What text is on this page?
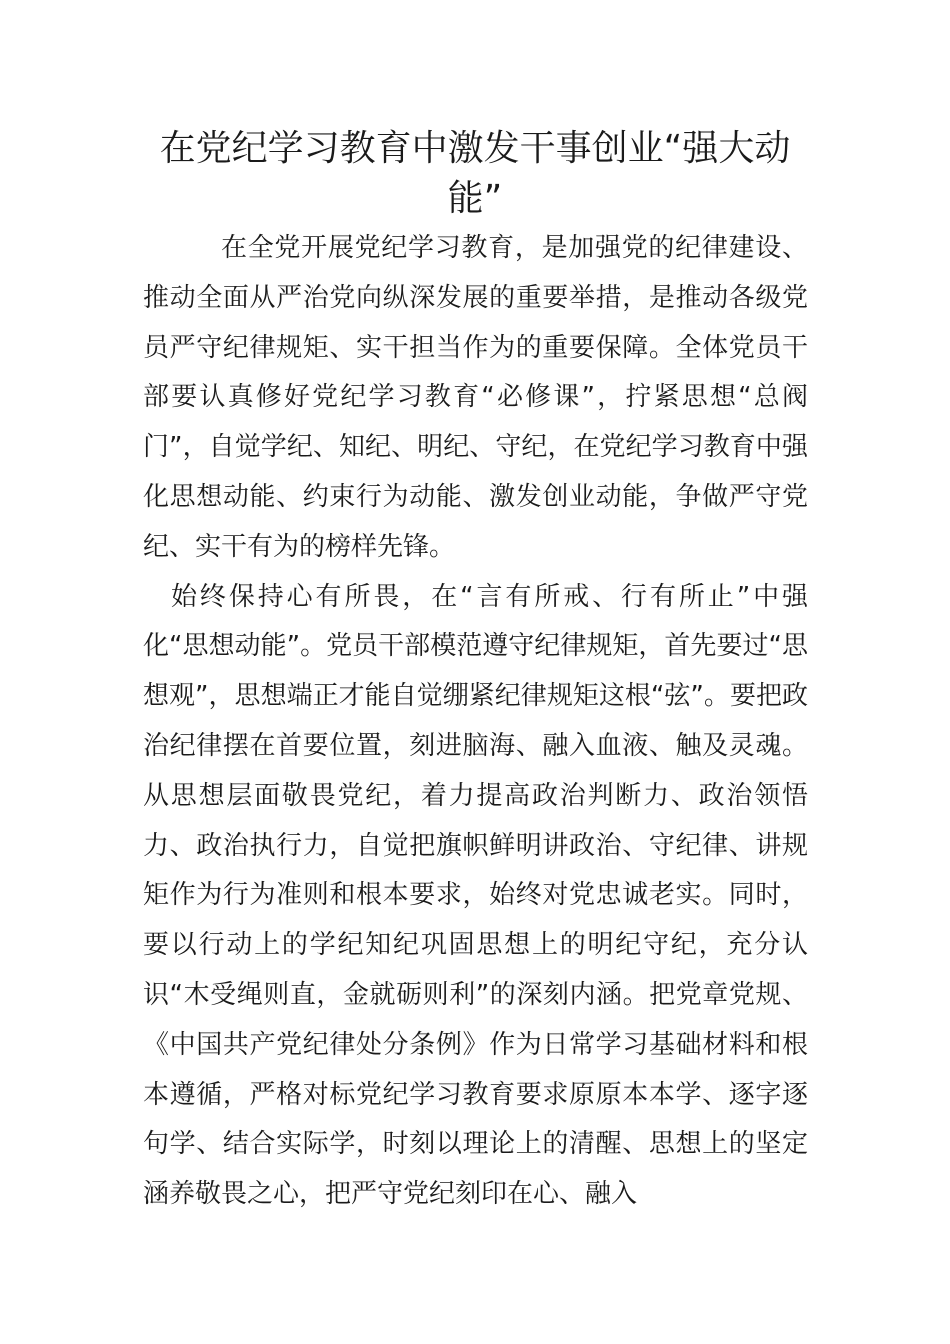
在党纪学习教育中激发干事创业“强大动能”

在全党开展党纪学习教育，是加强党的纪律建设、推动全面从严治党向纵深发展的重要举措，是推动各级党员严守纪律规矩、实干担当作为的重要保障。全体党员干部要认真修好党纪学习教育“必修课”，拧紧思想“总阀门”，自觉学纪、知纪、明纪、守纪，在党纪学习教育中强化思想动能、约束行为动能、激发创业动能，争做严守党纪、实干有为的榜样先锋。

始终保持心有所畏，在“言有所戒、行有所止”中强化“思想动能”。党员干部模范遵守纪律规矩，首先要过“思想观”，思想端正才能自觉绷紧纪律规矩这根“弦”。要把政治纪律摆在首要位置，刻进脑海、融入血液、触及灵魂。从思想层面敬畏党纪，着力提高政治判断力、政治领悟力、政治执行力，自觉把旗帜鲜明讲政治、守纪律、讲规矩作为行为准则和根本要求，始终对党忠诚老实。同时，要以行动上的学纪知纪巩固思想上的明纪守纪，充分认识“木受绳则直，金就砺则利”的深刻内涵。把党章党规、《中国共产党纪律处分条例》作为日常学习基础材料和根本遵循，严格对标党纪学习教育要求原原本本学、逐字逐句学、结合实际学，时刻以理论上的清醒、思想上的坚定涵养敬畏之心，把严守党纪刻印在心、融入
